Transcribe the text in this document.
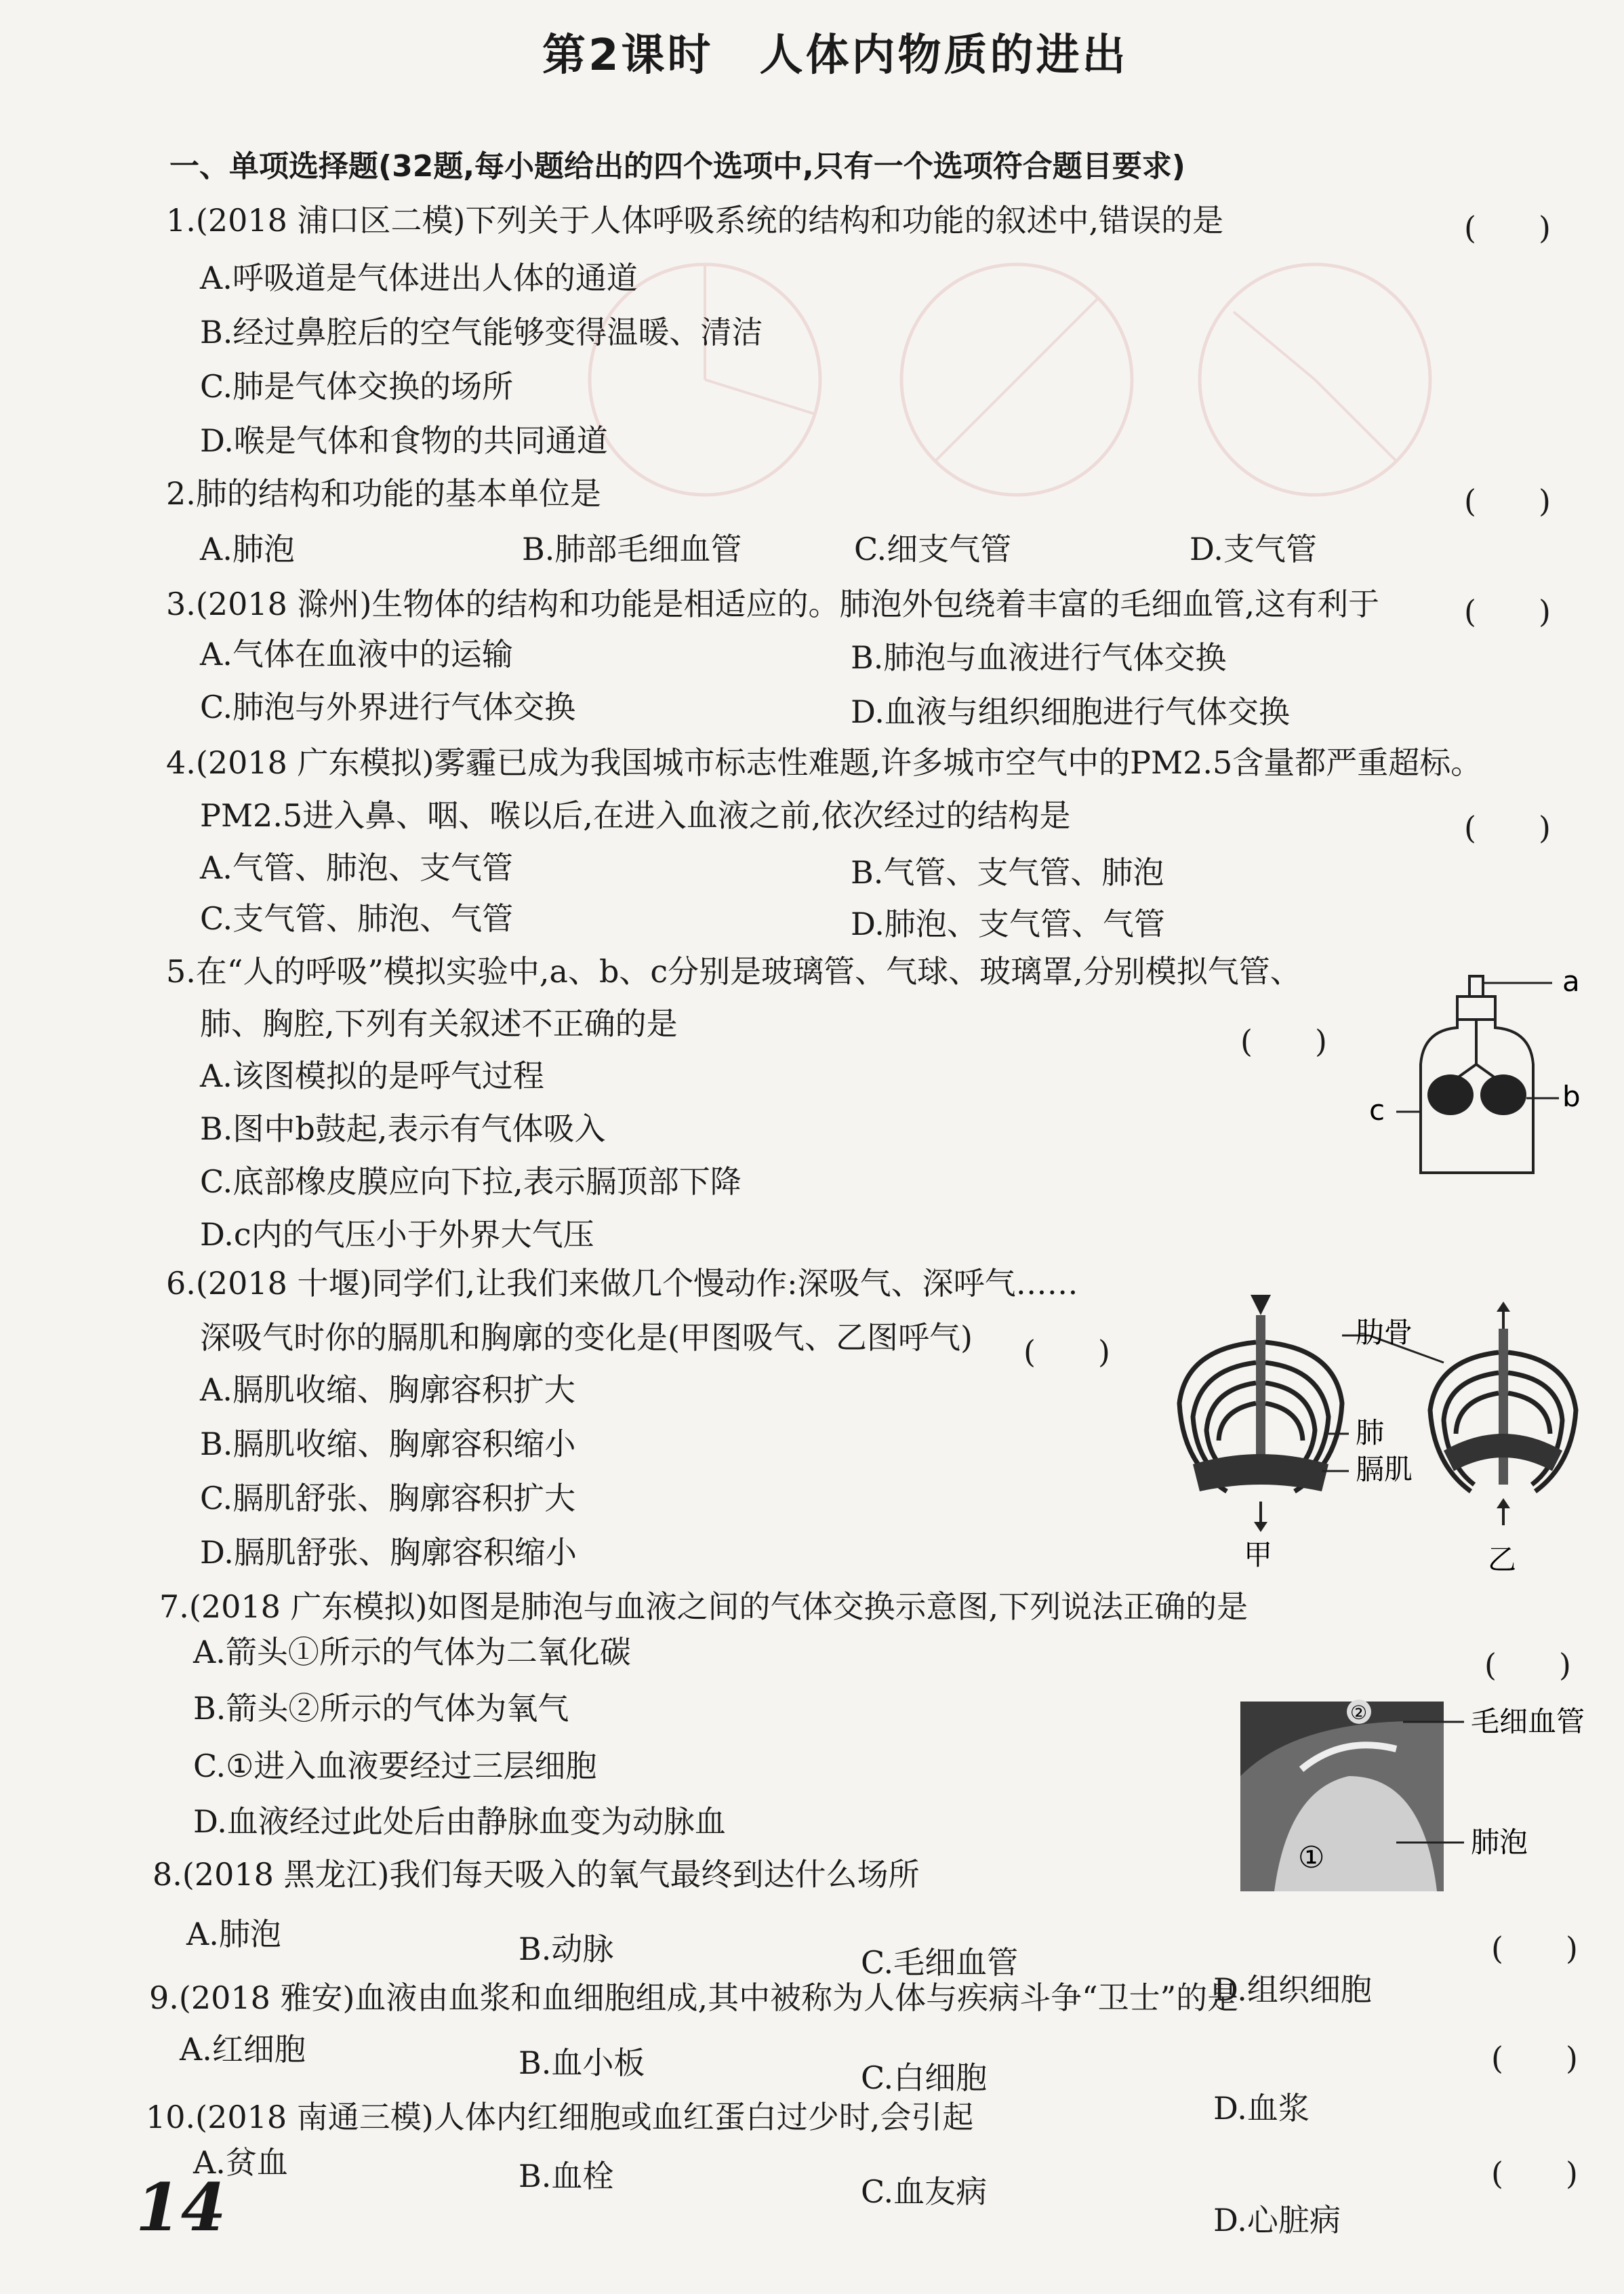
第2课时　人体内物质的进出
一、单项选择题(32题,每小题给出的四个选项中,只有一个选项符合题目要求)
1.(2018 浦口区二模)下列关于人体呼吸系统的结构和功能的叙述中,错误的是	(　　)
A.呼吸道是气体进出人体的通道
B.经过鼻腔后的空气能够变得温暖、清洁
C.肺是气体交换的场所
D.喉是气体和食物的共同通道
2.肺的结构和功能的基本单位是	(　　)
A.肺泡	B.肺部毛细血管	C.细支气管	D.支气管
3.(2018 滁州)生物体的结构和功能是相适应的。肺泡外包绕着丰富的毛细血管,这有利于	(　　)
A.气体在血液中的运输	B.肺泡与血液进行气体交换
C.肺泡与外界进行气体交换	D.血液与组织细胞进行气体交换
4.(2018 广东模拟)雾霾已成为我国城市标志性难题,许多城市空气中的PM2.5含量都严重超标。
PM2.5进入鼻、咽、喉以后,在进入血液之前,依次经过的结构是	(　　)
A.气管、肺泡、支气管	B.气管、支气管、肺泡
C.支气管、肺泡、气管	D.肺泡、支气管、气管
5.在“人的呼吸”模拟实验中,a、b、c分别是玻璃管、气球、玻璃罩,分别模拟气管、
肺、胸腔,下列有关叙述不正确的是	(　　)
A.该图模拟的是呼气过程
B.图中b鼓起,表示有气体吸入
C.底部橡皮膜应向下拉,表示膈顶部下降
D.c内的气压小于外界大气压
a
b
c
6.(2018 十堰)同学们,让我们来做几个慢动作:深吸气、深呼气……
深吸气时你的膈肌和胸廓的变化是(甲图吸气、乙图呼气) (　　)
A.膈肌收缩、胸廓容积扩大
B.膈肌收缩、胸廓容积缩小
C.膈肌舒张、胸廓容积扩大
D.膈肌舒张、胸廓容积缩小
肋骨
肺
膈肌
甲	乙
7.(2018 广东模拟)如图是肺泡与血液之间的气体交换示意图,下列说法正确的是
A.箭头①所示的气体为二氧化碳	(　　)
B.箭头②所示的气体为氧气
C.①进入血液要经过三层细胞
D.血液经过此处后由静脉血变为动脉血
②
①
毛细血管
肺泡
8.(2018 黑龙江)我们每天吸入的氧气最终到达什么场所
A.肺泡	B.动脉	C.毛细血管	(　　)
D.组织细胞
9.(2018 雅安)血液由血浆和血细胞组成,其中被称为人体与疾病斗争“卫士”的是
A.红细胞	(　　)
B.血小板	C.白细胞
D.血浆
10.(2018 南通三模)人体内红细胞或血红蛋白过少时,会引起
A.贫血	(　　)
B.血栓	C.血友病
D.心脏病
14
